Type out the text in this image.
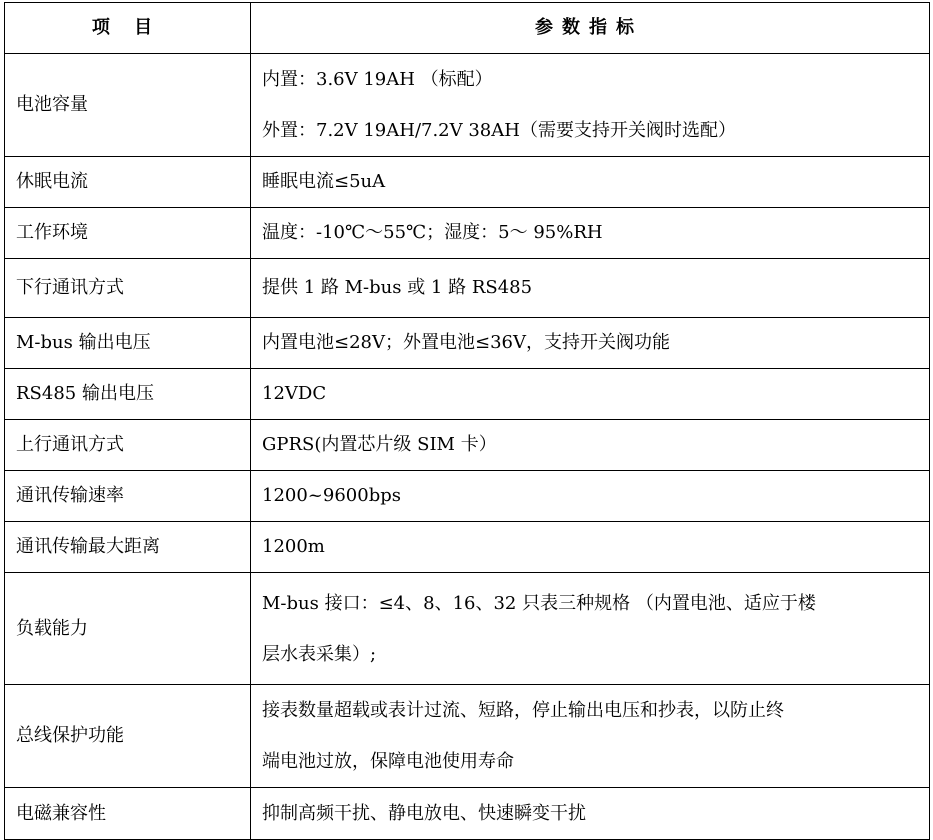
项 目	参数指标
电池容量	内置：3.6V 19AH （标配）
外置：7.2V 19AH/7.2V 38AH（需要支持开关阀时选配）

休眠电流	睡眠电流≤5uA
工作环境	温度：-10℃～55℃；湿度：5～ 95%RH
下行通讯方式	提供 1 路 M-bus 或 1 路 RS485
M-bus 输出电压	内置电池≤28V；外置电池≤36V，支持开关阀功能
RS485 输出电压	12VDC
上行通讯方式	GPRS(内置芯片级 SIM 卡）
通讯传输速率	1200~9600bps
通讯传输最大距离	1200m
负载能力	M-bus 接口：≤4、8、16、32 只表三种规格 （内置电池、适应于楼
层水表采集）;

总线保护功能	接表数量超载或表计过流、短路，停止输出电压和抄表，以防止终
端电池过放，保障电池使用寿命

电磁兼容性	抑制高频干扰、静电放电、快速瞬变干扰
